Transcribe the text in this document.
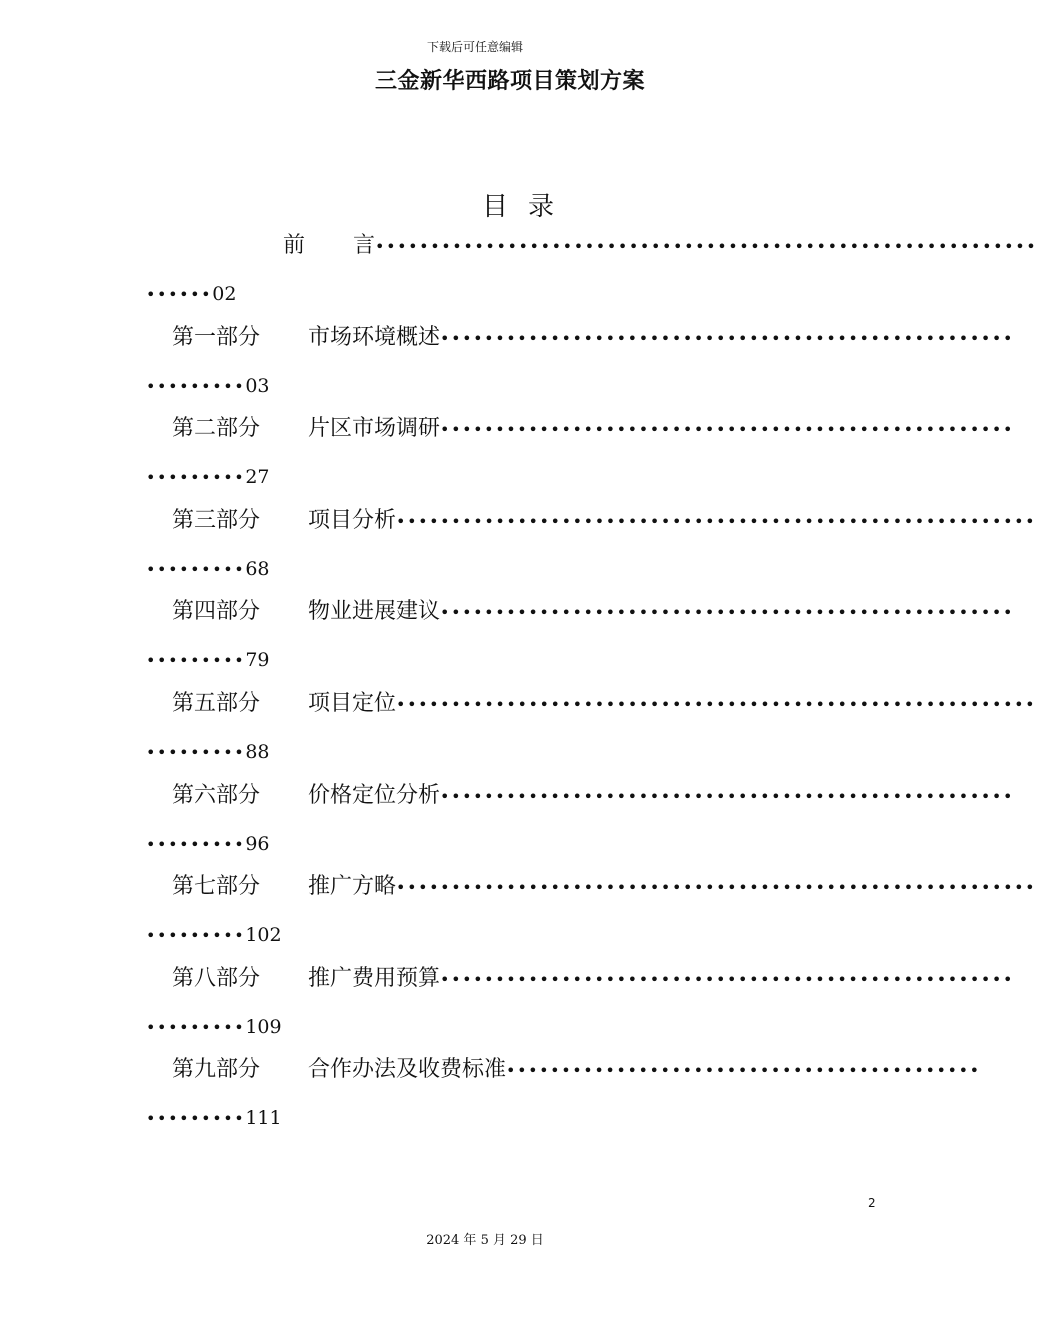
下载后可任意编辑
三金新华西路项目策划方案
目 录
前 言••••••••••••••••••••••••••••••••••••••••••••••••••••••••••••
••••••02
第一部分 市场环境概述••••••••••••••••••••••••••••••••••••••••••••••••••••
•••••••••03
第二部分 片区市场调研••••••••••••••••••••••••••••••••••••••••••••••••••••
•••••••••27
第三部分 项目分析••••••••••••••••••••••••••••••••••••••••••••••••••••••••••
•••••••••68
第四部分 物业进展建议••••••••••••••••••••••••••••••••••••••••••••••••••••
•••••••••79
第五部分 项目定位••••••••••••••••••••••••••••••••••••••••••••••••••••••••••
•••••••••88
第六部分 价格定位分析••••••••••••••••••••••••••••••••••••••••••••••••••••
•••••••••96
第七部分 推广方略••••••••••••••••••••••••••••••••••••••••••••••••••••••••••
•••••••••102
第八部分 推广费用预算••••••••••••••••••••••••••••••••••••••••••••••••••••
•••••••••109
第九部分 合作办法及收费标准•••••••••••••••••••••••••••••••••••••••••••
•••••••••111
2
2024 年 5 月 29 日
